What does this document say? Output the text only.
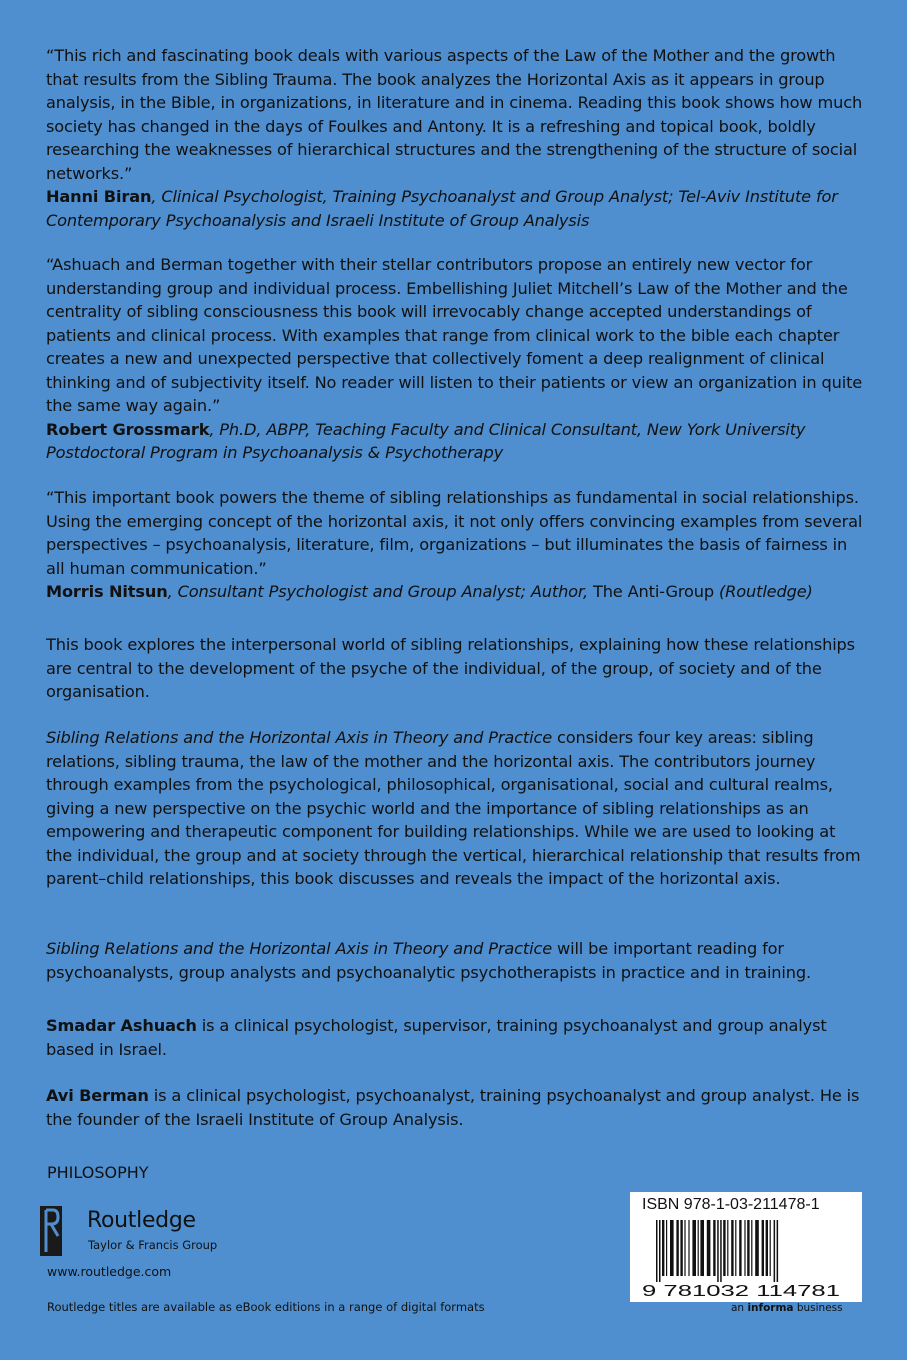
“This rich and fascinating book deals with various aspects of the Law of the Mother and the growth that results from the Sibling Trauma. The book analyzes the Horizontal Axis as it appears in group analysis, in the Bible, in organizations, in literature and in cinema. Reading this book shows how much society has changed in the days of Foulkes and Antony. It is a refreshing and topical book, boldly researching the weaknesses of hierarchical structures and the strengthening of the structure of social networks.”

Hanni Biran, Clinical Psychologist, Training Psychoanalyst and Group Analyst; Tel-Aviv Institute for Contemporary Psychoanalysis and Israeli Institute of Group Analysis

“Ashuach and Berman together with their stellar contributors propose an entirely new vector for understanding group and individual process. Embellishing Juliet Mitchell’s Law of the Mother and the centrality of sibling consciousness this book will irrevocably change accepted understandings of patients and clinical process. With examples that range from clinical work to the bible each chapter creates a new and unexpected perspective that collectively foment a deep realignment of clinical thinking and of subjectivity itself. No reader will listen to their patients or view an organization in quite the same way again.”

Robert Grossmark, Ph.D, ABPP, Teaching Faculty and Clinical Consultant, New York University Postdoctoral Program in Psychoanalysis & Psychotherapy

“This important book powers the theme of sibling relationships as fundamental in social relationships. Using the emerging concept of the horizontal axis, it not only offers convincing examples from several perspectives – psychoanalysis, literature, film, organizations – but illuminates the basis of fairness in all human communication.”

Morris Nitsun, Consultant Psychologist and Group Analyst; Author, The Anti-Group (Routledge)

This book explores the interpersonal world of sibling relationships, explaining how these relationships are central to the development of the psyche of the individual, of the group, of society and of the organisation.

Sibling Relations and the Horizontal Axis in Theory and Practice considers four key areas: sibling relations, sibling trauma, the law of the mother and the horizontal axis. The contributors journey through examples from the psychological, philosophical, organisational, social and cultural realms, giving a new perspective on the psychic world and the importance of sibling relationships as an empowering and therapeutic component for building relationships. While we are used to looking at the individual, the group and at society through the vertical, hierarchical relationship that results from parent–child relationships, this book discusses and reveals the impact of the horizontal axis.

Sibling Relations and the Horizontal Axis in Theory and Practice will be important reading for psychoanalysts, group analysts and psychoanalytic psychotherapists in practice and in training.

Smadar Ashuach is a clinical psychologist, supervisor, training psychoanalyst and group analyst based in Israel.

Avi Berman is a clinical psychologist, psychoanalyst, training psychoanalyst and group analyst. He is the founder of the Israeli Institute of Group Analysis.

PHILOSOPHY
Routledge
Taylor & Francis Group
www.routledge.com
Routledge titles are available as eBook editions in a range of digital formats
ISBN 978-1-03-211478-1
9 781032 114781
an informa business
